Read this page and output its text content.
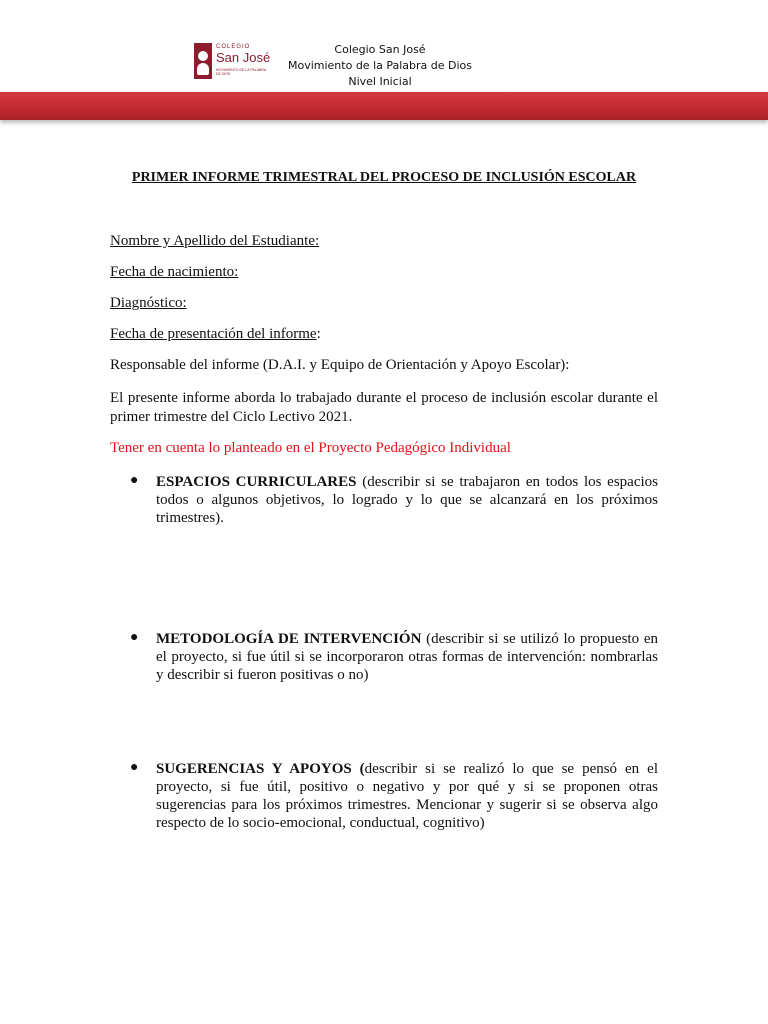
COLEGIO
San José
MOVIMIENTO DE LA PALABRA DE DIOS
Colegio San José
Movimiento de la Palabra de Dios
Nivel Inicial
PRIMER INFORME TRIMESTRAL DEL PROCESO DE INCLUSIÓN ESCOLAR
Nombre y Apellido del Estudiante:
Fecha de nacimiento:
Diagnóstico:
Fecha de presentación del informe:
Responsable del informe (D.A.I. y Equipo de Orientación y Apoyo Escolar):
El presente informe aborda lo trabajado durante el proceso de inclusión escolar durante el primer trimestre del Ciclo Lectivo 2021.
Tener en cuenta lo planteado en el Proyecto Pedagógico Individual
● ESPACIOS CURRICULARES (describir si se trabajaron en todos los espacios todos o algunos objetivos, lo logrado y lo que se alcanzará en los próximos trimestres).
● METODOLOGÍA DE INTERVENCIÓN (describir si se utilizó lo propuesto en el proyecto, si fue útil si se incorporaron otras formas de intervención: nombrarlas y describir si fueron positivas o no)
● SUGERENCIAS Y APOYOS (describir si se realizó lo que se pensó en el proyecto, si fue útil, positivo o negativo y por qué y si se proponen otras sugerencias para los próximos trimestres. Mencionar y sugerir si se observa algo respecto de lo socio-emocional, conductual, cognitivo)
